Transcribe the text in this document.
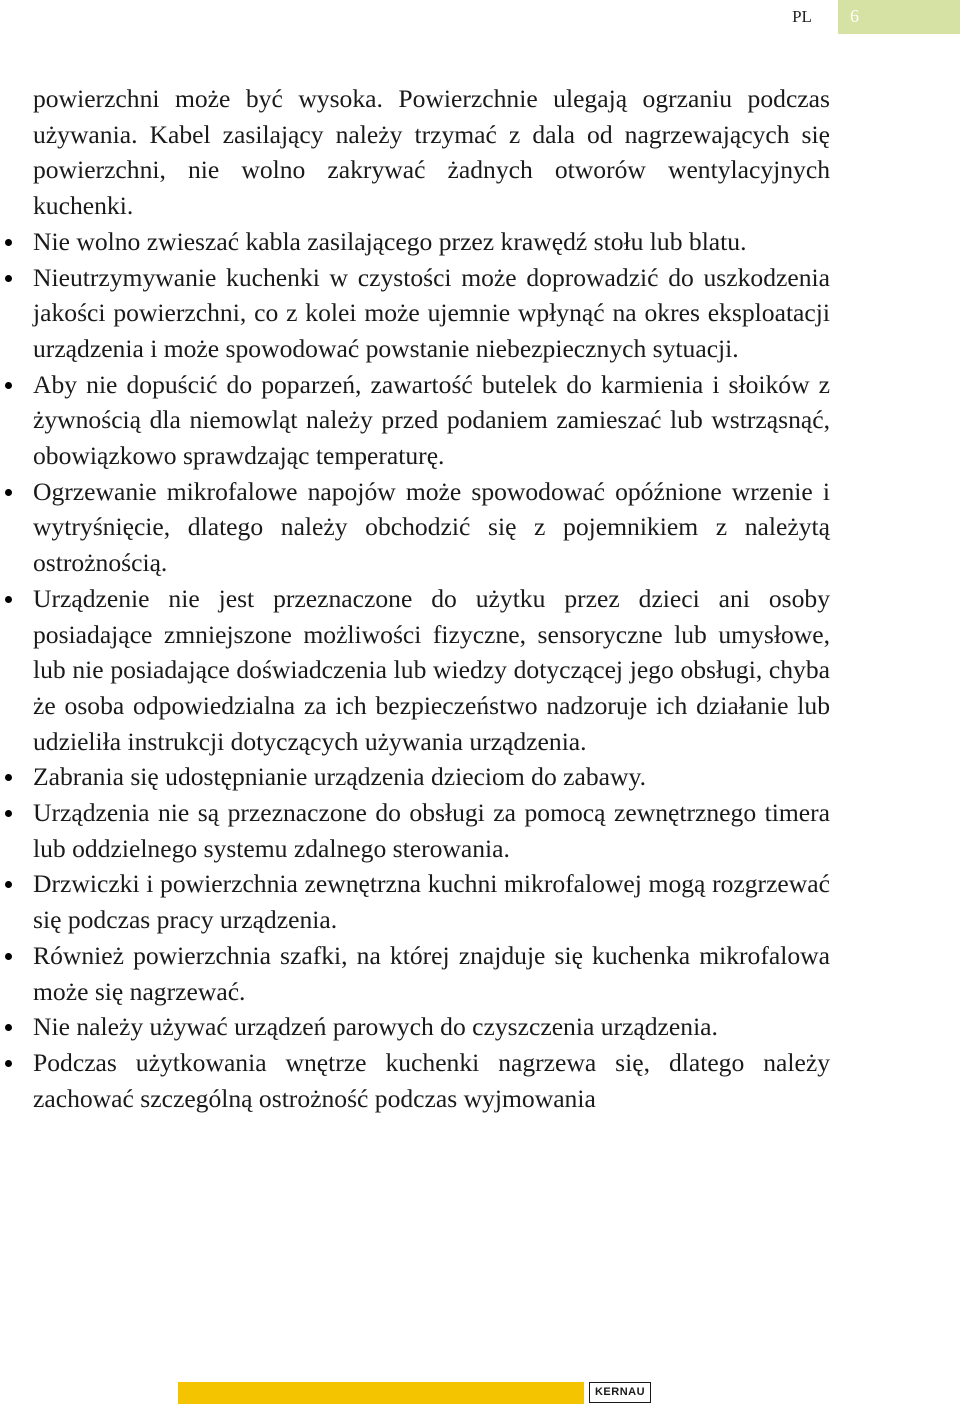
PL	6

powierzchni może być wysoka. Powierzchnie ulegają ogrzaniu podczas używania. Kabel zasilający należy trzymać z dala od nagrzewających się powierzchni, nie wolno zakrywać żadnych otworów wentylacyjnych kuchenki.

Nie wolno zwieszać kabla zasilającego przez krawędź stołu lub blatu.
Nieutrzymywanie kuchenki w czystości może doprowadzić do uszkodzenia jakości powierzchni, co z kolei może ujemnie wpłynąć na okres eksploatacji urządzenia i może spowodować powstanie niebezpiecznych sytuacji.
Aby nie dopuścić do poparzeń, zawartość butelek do karmienia i słoików z żywnością dla niemowląt należy przed podaniem zamieszać lub wstrząsnąć, obowiązkowo sprawdzając temperaturę.
Ogrzewanie mikrofalowe napojów może spowodować opóźnione wrzenie i wytryśnięcie, dlatego należy obchodzić się z pojemnikiem z należytą ostrożnością.
Urządzenie nie jest przeznaczone do użytku przez dzieci ani osoby posiadające zmniejszone możliwości fizyczne, sensoryczne lub umysłowe, lub nie posiadające doświadczenia lub wiedzy dotyczącej jego obsługi, chyba że osoba odpowiedzialna za ich bezpieczeństwo nadzoruje ich działanie lub udzieliła instrukcji dotyczących używania urządzenia.
Zabrania się udostępnianie urządzenia dzieciom do zabawy.
Urządzenia nie są przeznaczone do obsługi za pomocą zewnętrznego timera lub oddzielnego systemu zdalnego sterowania.
Drzwiczki i powierzchnia zewnętrzna kuchni mikrofalowej mogą rozgrzewać się podczas pracy urządzenia.
Również powierzchnia szafki, na której znajduje się kuchenka mikrofalowa może się nagrzewać.
Nie należy używać urządzeń parowych do czyszczenia urządzenia.
Podczas użytkowania wnętrze kuchenki nagrzewa się, dlatego należy zachować szczególną ostrożność podczas wyjmowania
KERNAU
